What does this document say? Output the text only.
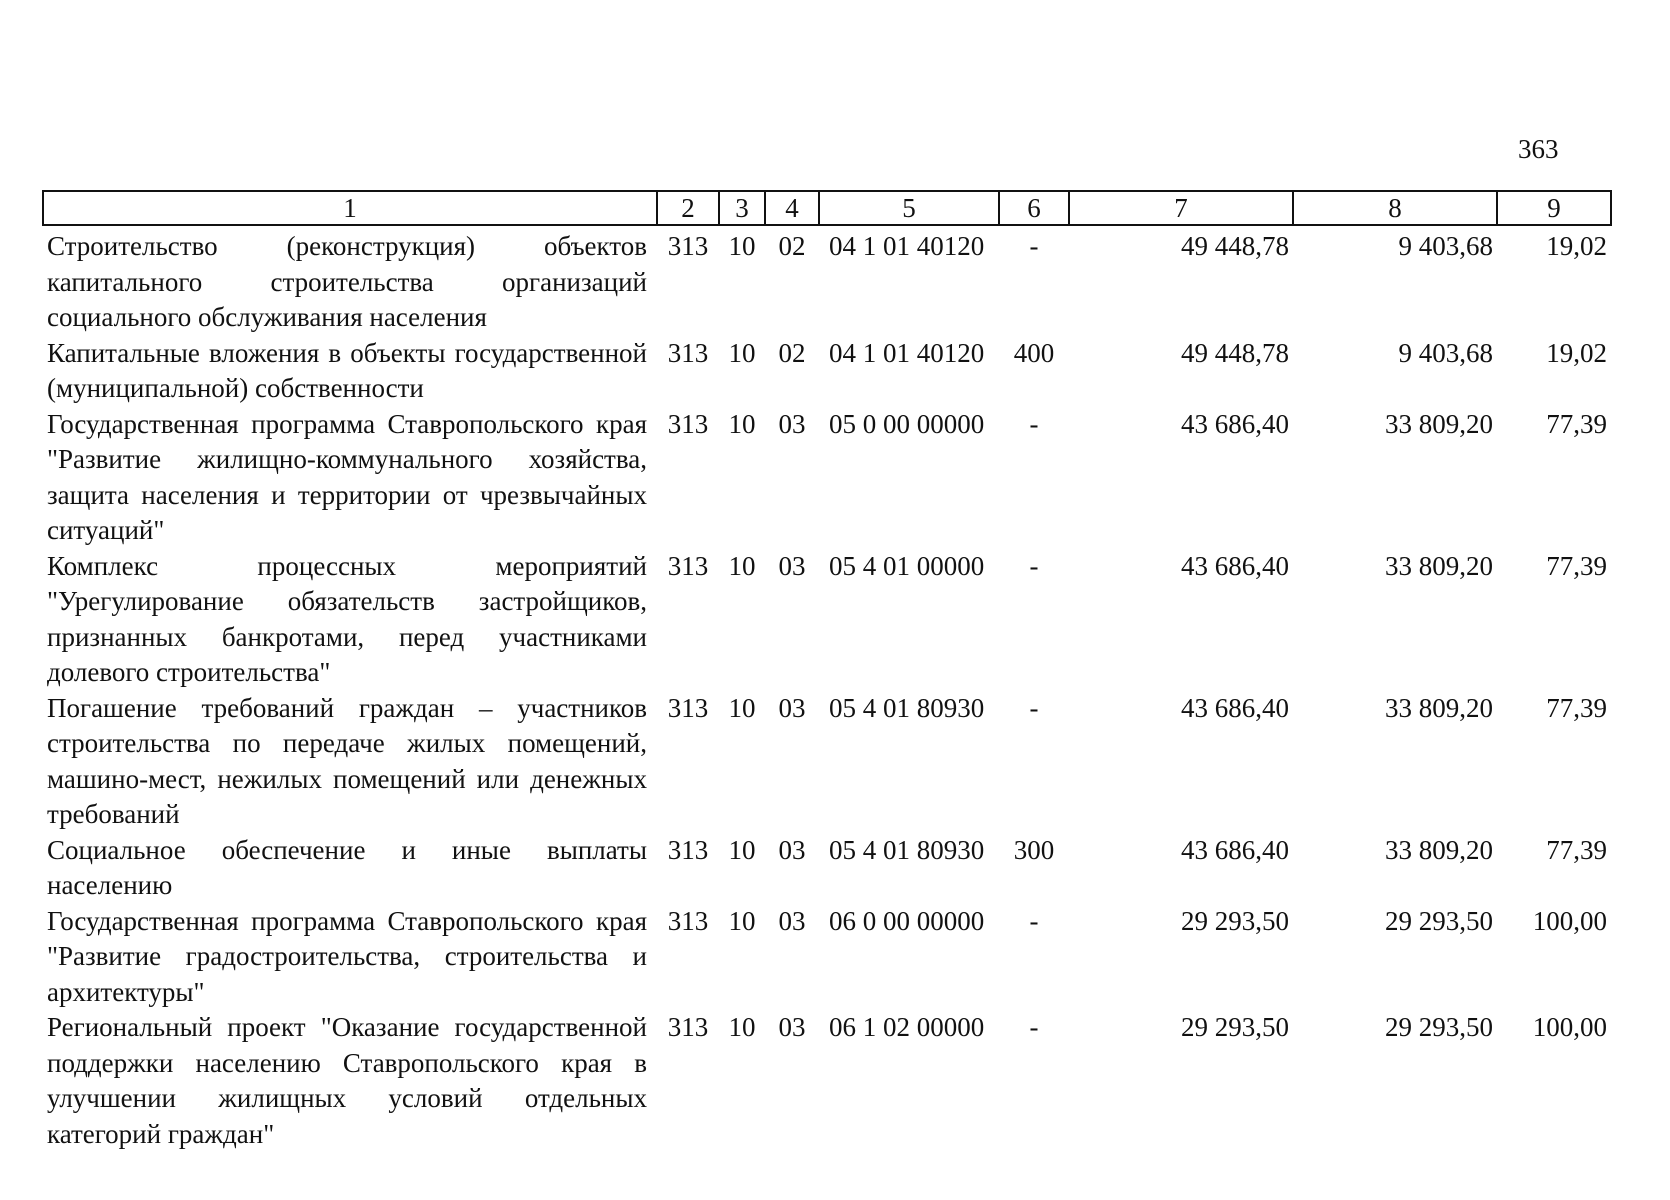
363
1	2	3	4	5	6	7	8	9
Строительство (реконструкция) объектов капитального строительства организаций социального обслуживания населения	313	10	02	04 1 01 40120	-	49 448,78	9 403,68	19,02
Капитальные вложения в объекты государственной (муниципальной) собственности	313	10	02	04 1 01 40120	400	49 448,78	9 403,68	19,02
Государственная программа Ставропольского края "Развитие жилищно-коммунального хозяйства, защита населения и территории от чрезвычайных ситуаций"	313	10	03	05 0 00 00000	-	43 686,40	33 809,20	77,39
Комплекс процессных мероприятий "Урегулирование обязательств застройщиков, признанных банкротами, перед участниками долевого строительства"	313	10	03	05 4 01 00000	-	43 686,40	33 809,20	77,39
Погашение требований граждан – участников строительства по передаче жилых помещений, машино-мест, нежилых помещений или денежных требований	313	10	03	05 4 01 80930	-	43 686,40	33 809,20	77,39
Социальное обеспечение и иные выплаты населению	313	10	03	05 4 01 80930	300	43 686,40	33 809,20	77,39
Государственная программа Ставропольского края "Развитие градостроительства, строительства и архитектуры"	313	10	03	06 0 00 00000	-	29 293,50	29 293,50	100,00
Региональный проект "Оказание государственной поддержки населению Ставропольского края в улучшении жилищных условий отдельных категорий граждан"	313	10	03	06 1 02 00000	-	29 293,50	29 293,50	100,00
